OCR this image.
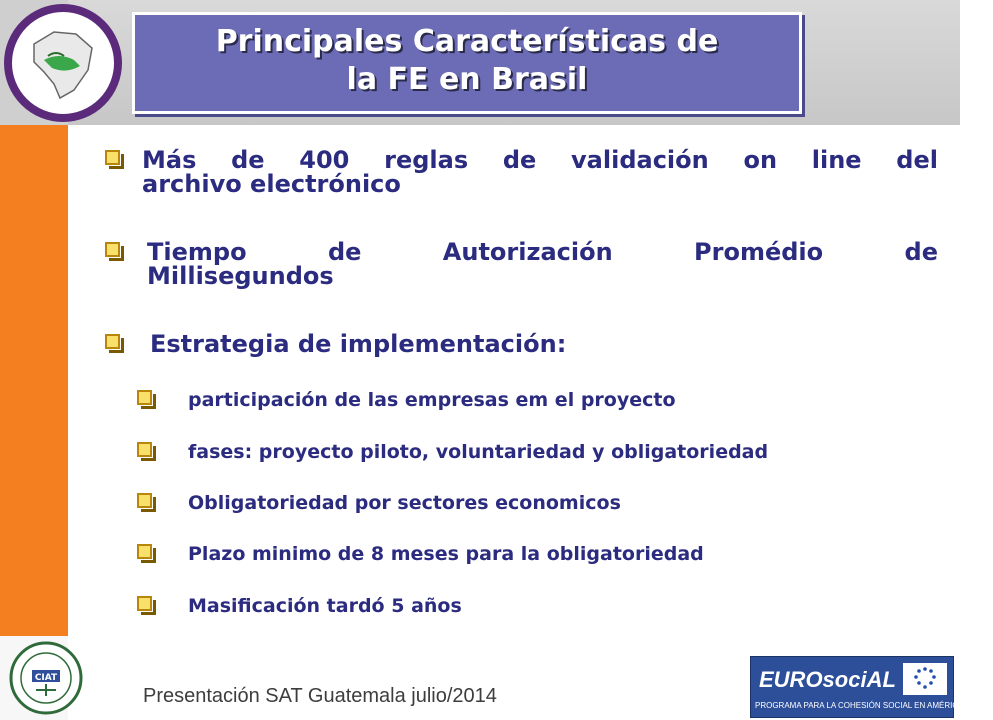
Principales Características de
la FE en Brasil
Más de 400 reglas de validación on line del
archivo electrónico
Tiempo de Autorización Promédio de
Millisegundos
Estrategia de implementación:
participación de las empresas em el proyecto
fases: proyecto piloto, voluntariedad y obligatoriedad
Obligatoriedad por sectores economicos
Plazo minimo de 8 meses para la obligatoriedad
Masificación tardó 5 años
CIAT
Presentación SAT Guatemala julio/2014
EUROsociAL
PROGRAMA PARA LA COHESIÓN SOCIAL EN AMÉRICA LATINA
